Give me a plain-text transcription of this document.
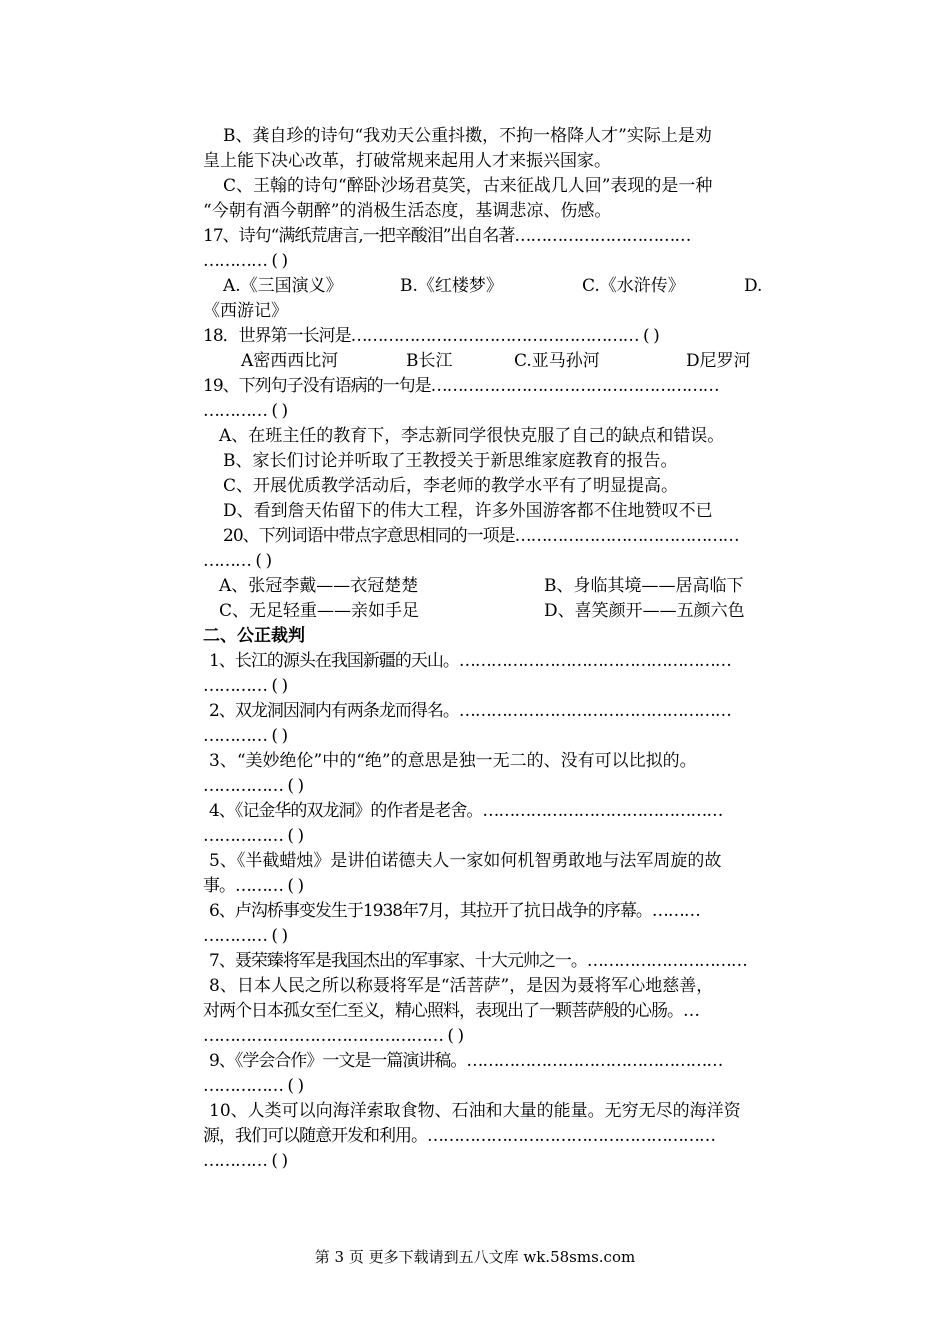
B、龚自珍的诗句“我劝天公重抖擞，不拘一格降人才”实际上是劝
皇上能下决心改革，打破常规来起用人才来振兴国家。
C、王翰的诗句“醉卧沙场君莫笑，古来征战几人回”表现的是一种
“今朝有酒今朝醉”的消极生活态度，基调悲凉、伤感。
17、诗句“满纸荒唐言,一把辛酸泪”出自名著……………………………
………… ( )
A.《三国演义》	B.《红楼梦》	C.《水浒传》	D.
《西游记》
18．世界第一长河是……………………………………………… ( )
A密西西比河	B长江	C.亚马孙河	D尼罗河
19、下列句子没有语病的一句是………………………………………………
………… ( )
A、在班主任的教育下，李志新同学很快克服了自己的缺点和错误。
B、家长们讨论并听取了王教授关于新思维家庭教育的报告。
C、开展优质教学活动后，李老师的教学水平有了明显提高。
D、看到詹天佑留下的伟大工程，许多外国游客都不住地赞叹不已
20、下列词语中带点字意思相同的一项是……………………………………
……… ( )
A、张冠李戴——衣冠楚楚	B、身临其境——居高临下
C、无足轻重——亲如手足	D、喜笑颜开——五颜六色
二、公正裁判
1、长江的源头在我国新疆的天山。……………………………………………
………… ( )
2、双龙洞因洞内有两条龙而得名。……………………………………………
………… ( )
3、“美妙绝伦”中的“绝”的意思是独一无二的、没有可以比拟的。
…………… ( )
4、《记金华的双龙洞》的作者是老舍。………………………………………
…………… ( )
5、《半截蜡烛》是讲伯诺德夫人一家如何机智勇敢地与法军周旋的故
事。……… ( )
6、卢沟桥事变发生于1938年7月，其拉开了抗日战争的序幕。………
………… ( )
7、聂荣臻将军是我国杰出的军事家、十大元帅之一。…………………………
8、日本人民之所以称聂将军是“活菩萨”，是因为聂将军心地慈善，
对两个日本孤女至仁至义，精心照料，表现出了一颗菩萨般的心肠。…
……………………………………… ( )
9、《学会合作》一文是一篇演讲稿。…………………………………………
…………… ( )
10、人类可以向海洋索取食物、石油和大量的能量。无穷无尽的海洋资
源，我们可以随意开发和利用。………………………………………………
………… ( )
第 3 页 更多下载请到五八文库 wk.58sms.com
